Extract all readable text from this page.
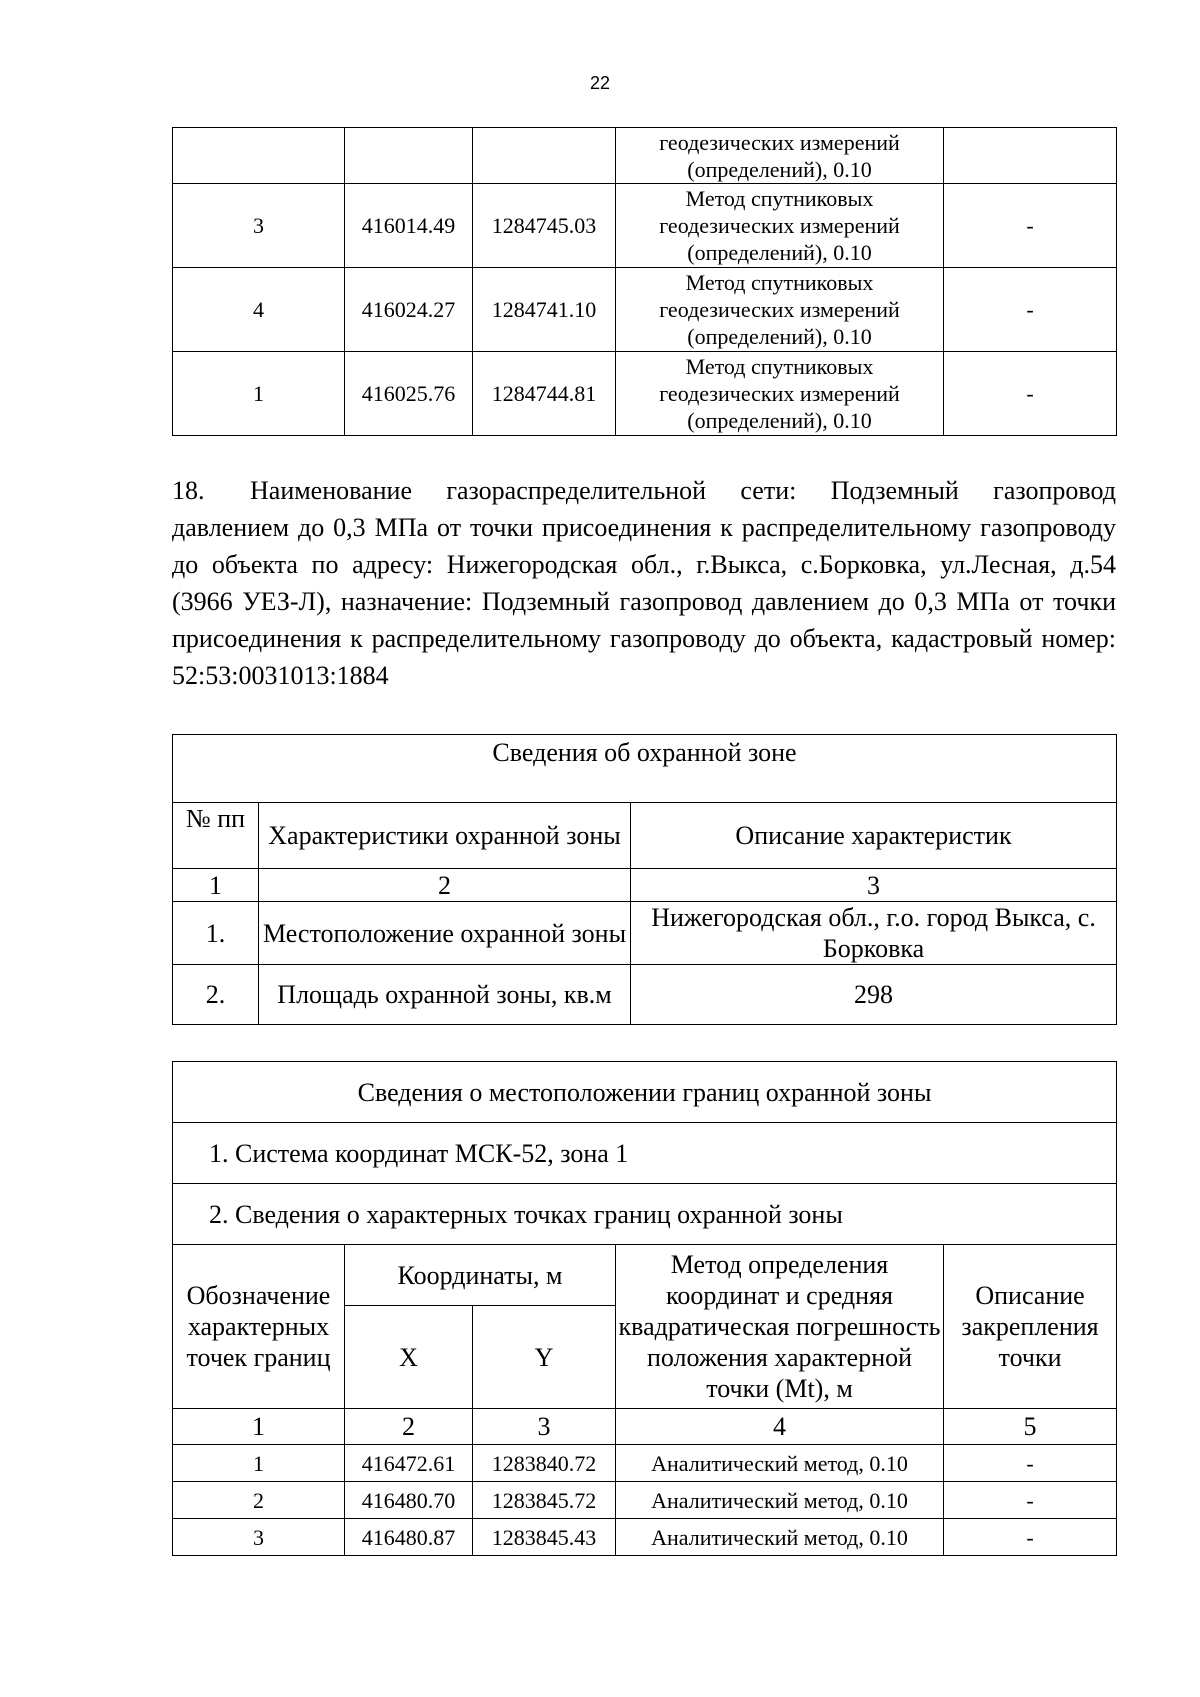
22

			геодезических измерений
(определений), 0.10	

3	416014.49	1284745.03	Метод спутниковых
геодезических измерений
(определений), 0.10	-
4	416024.27	1284741.10	Метод спутниковых
геодезических измерений
(определений), 0.10	-
1	416025.76	1284744.81	Метод спутниковых
геодезических измерений
(определений), 0.10	-
18. Наименование газораспределительной сети: Подземный газопровод давлением до 0,3 МПа от точки присоединения к распределительному газопроводу до объекта по адресу: Нижегородская обл., г.Выкса, с.Борковка, ул.Лесная, д.54 (3966 УЕЗ-Л), назначение: Подземный газопровод давлением до 0,3 МПа от точки присоединения к распределительному газопроводу до объекта, кадастровый номер: 52:53:0031013:1884
Сведения об охранной зоне		
№ пп	Характеристики охранной зоны	Описание характеристик
1	2	3
1.	Местоположение охранной зоны	Нижегородская обл., г.о. город Выкса, с. Борковка
2.	Площадь охранной зоны, кв.м	298
Сведения о местоположении границ охранной зоны				
1. Система координат МСК-52, зона 1				
2. Сведения о характерных точках границ охранной зоны				
Обозначение характерных точек границ	Координаты, м		Метод определения координат и средняя квадратическая погрешность положения характерной точки (Mt), м	Описание закрепления точки
	X	Y		
1	2	3	4	5
1	416472.61	1283840.72	Аналитический метод, 0.10	-
2	416480.70	1283845.72	Аналитический метод, 0.10	-
3	416480.87	1283845.43	Аналитический метод, 0.10	-
